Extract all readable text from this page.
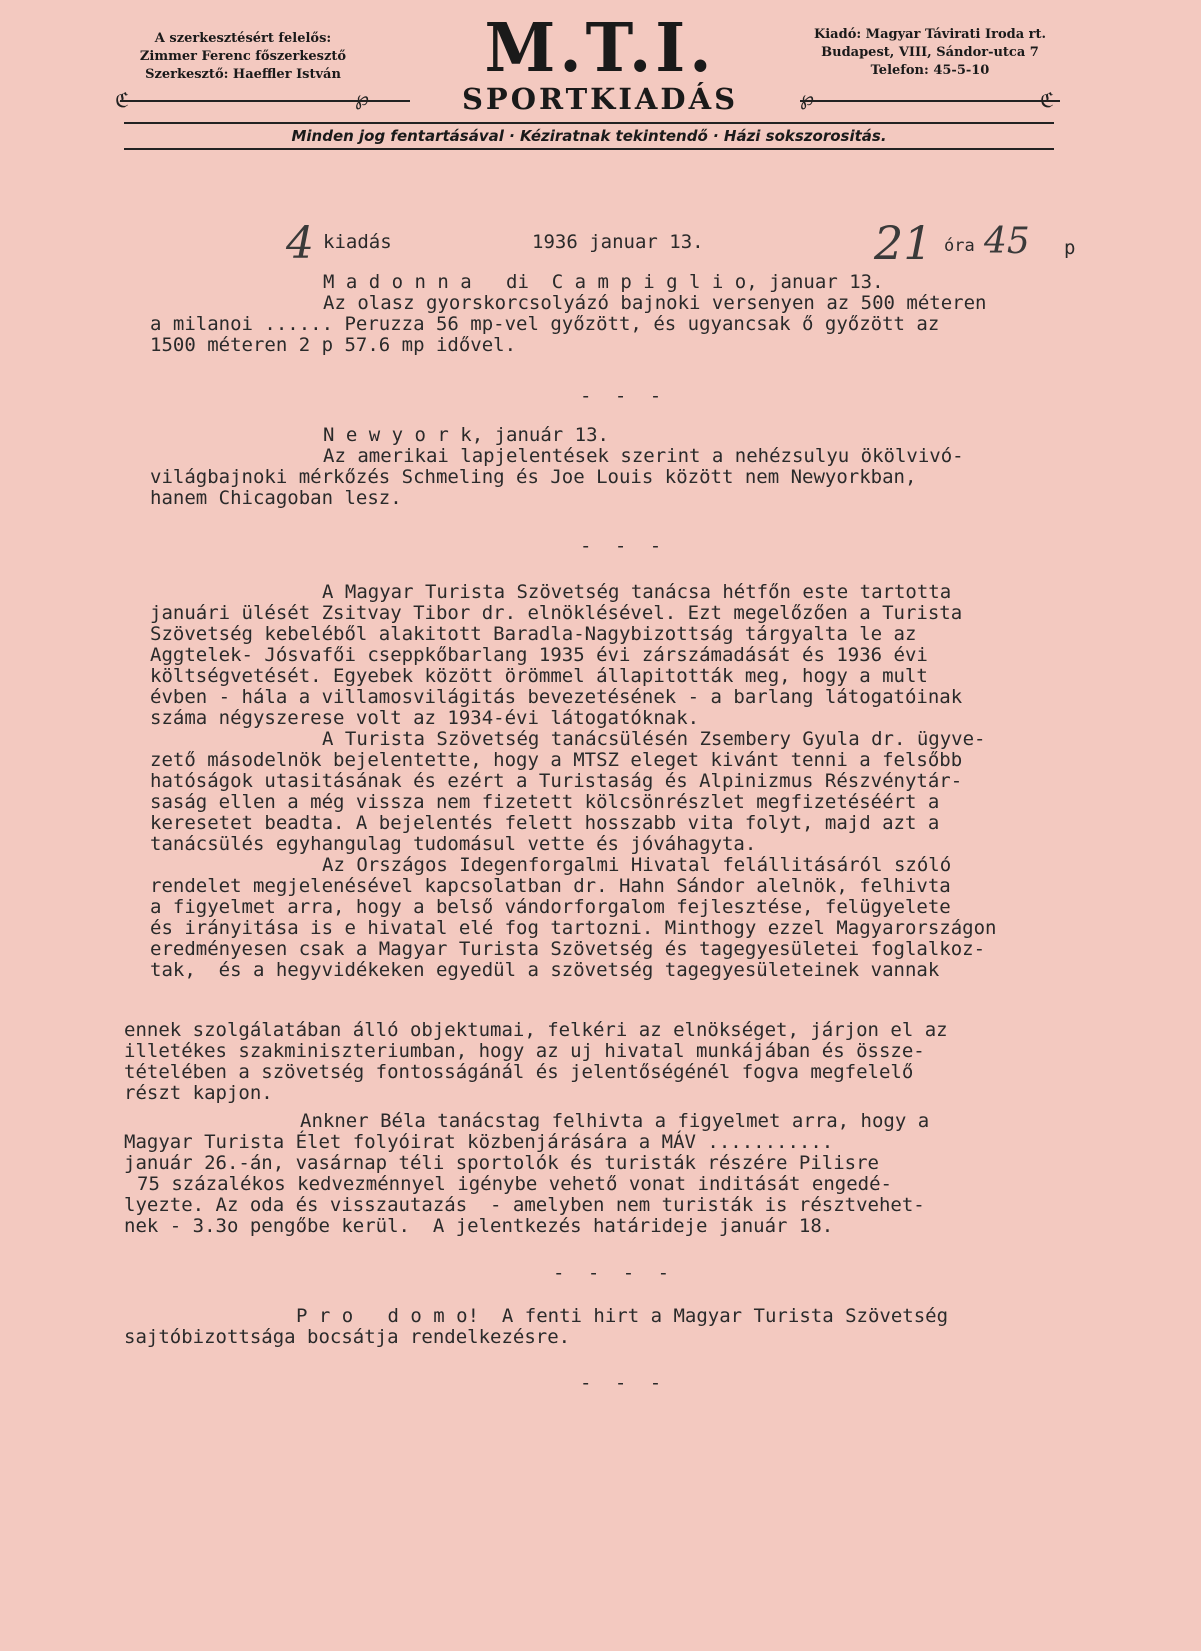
A szerkesztésért felelős:
Zimmer Ferenc főszerkesztő
Szerkesztő: Haeffler István	M.T.I.
ℭ	℘	℘	ℭ
SPORTKIADÁS
Kiadó: Magyar Távirati Iroda rt.
Budapest, VIII, Sándor-utca 7
Telefon: 45-5-10
Minden jog fentartásával · Kéziratnak tekintendő · Házi sokszorositás.
4 kiadás	1936 januar 13.	21 óra 45 p
M a d o n n a   di  C a m p i g l i o, januar 13.
Az olasz gyorskorcsolyázó bajnoki versenyen az 500 méteren
a milanoi ...... Peruzza 56 mp-vel győzött, és ugyancsak ő győzött az
1500 méteren 2 p 57.6 mp idővel.
- - -
N e w y o r k, január 13.
Az amerikai lapjelentések szerint a nehézsulyu ökölvivó-
világbajnoki mérkőzés Schmeling és Joe Louis között nem Newyorkban,
hanem Chicagoban lesz.
- - -
A Magyar Turista Szövetség tanácsa hétfőn este tartotta
januári ülését Zsitvay Tibor dr. elnöklésével. Ezt megelőzően a Turista
Szövetség kebeléből alakitott Baradla-Nagybizottság tárgyalta le az
Aggtelek- Jósvafői cseppkőbarlang 1935 évi zárszámadását és 1936 évi
költségvetését. Egyebek között örömmel állapitották meg, hogy a mult
évben - hála a villamosvilágitás bevezetésének - a barlang látogatóinak
száma négyszerese volt az 1934-évi látogatóknak.
A Turista Szövetség tanácsülésén Zsembery Gyula dr. ügyve-
zető másodelnök bejelentette, hogy a MTSZ eleget kivánt tenni a felsőbb
hatóságok utasitásának és ezért a Turistaság és Alpinizmus Részvénytár-
saság ellen a még vissza nem fizetett kölcsönrészlet megfizetéséért a
keresetet beadta. A bejelentés felett hosszabb vita folyt, majd azt a
tanácsülés egyhangulag tudomásul vette és jóváhagyta.
Az Országos Idegenforgalmi Hivatal felállitásáról szóló
rendelet megjelenésével kapcsolatban dr. Hahn Sándor alelnök, felhivta
a figyelmet arra, hogy a belső vándorforgalom fejlesztése, felügyelete
és irányitása is e hivatal elé fog tartozni. Minthogy ezzel Magyarországon
eredményesen csak a Magyar Turista Szövetség és tagegyesületei foglalkoz-
tak,  és a hegyvidékeken egyedül a szövetség tagegyesületeinek vannak
ennek szolgálatában álló objektumai, felkéri az elnökséget, járjon el az
illetékes szakminiszteriumban, hogy az uj hivatal munkájában és össze-
tételében a szövetség fontosságánál és jelentőségénél fogva megfelelő
részt kapjon.
Ankner Béla tanácstag felhivta a figyelmet arra, hogy a
Magyar Turista Élet folyóirat közbenjárására a MÁV ...........
január 26.-án, vasárnap téli sportolók és turisták részére Pilisre
75 százalékos kedvezménnyel igénybe vehető vonat inditását engedé-
lyezte. Az oda és visszautazás  - amelyben nem turisták is résztvehet-
nek - 3.3o pengőbe kerül.  A jelentkezés határideje január 18.
- - - -
P r o   d o m o!  A fenti hirt a Magyar Turista Szövetség
sajtóbizottsága bocsátja rendelkezésre.
- - -
